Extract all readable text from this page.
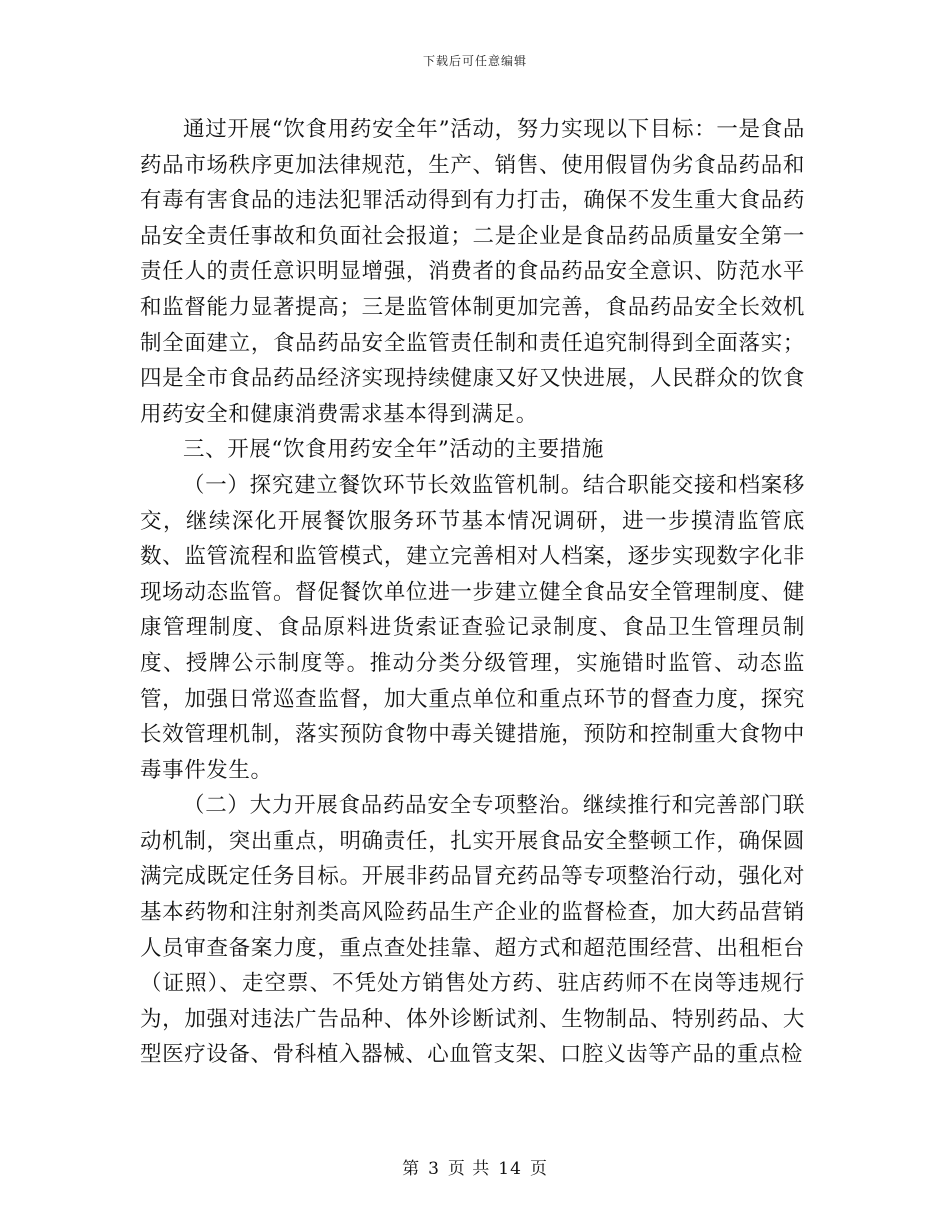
下载后可任意编辑

通过开展“饮食用药安全年”活动，努力实现以下目标：一是食品药品市场秩序更加法律规范，生产、销售、使用假冒伪劣食品药品和有毒有害食品的违法犯罪活动得到有力打击，确保不发生重大食品药品安全责任事故和负面社会报道；二是企业是食品药品质量安全第一责任人的责任意识明显增强，消费者的食品药品安全意识、防范水平和监督能力显著提高；三是监管体制更加完善，食品药品安全长效机制全面建立，食品药品安全监管责任制和责任追究制得到全面落实；四是全市食品药品经济实现持续健康又好又快进展，人民群众的饮食用药安全和健康消费需求基本得到满足。

三、开展“饮食用药安全年”活动的主要措施

（一）探究建立餐饮环节长效监管机制。结合职能交接和档案移交，继续深化开展餐饮服务环节基本情况调研，进一步摸清监管底数、监管流程和监管模式，建立完善相对人档案，逐步实现数字化非现场动态监管。督促餐饮单位进一步建立健全食品安全管理制度、健康管理制度、食品原料进货索证查验记录制度、食品卫生管理员制度、授牌公示制度等。推动分类分级管理，实施错时监管、动态监管，加强日常巡查监督，加大重点单位和重点环节的督查力度，探究长效管理机制，落实预防食物中毒关键措施，预防和控制重大食物中毒事件发生。

（二）大力开展食品药品安全专项整治。继续推行和完善部门联动机制，突出重点，明确责任，扎实开展食品安全整顿工作，确保圆满完成既定任务目标。开展非药品冒充药品等专项整治行动，强化对基本药物和注射剂类高风险药品生产企业的监督检查，加大药品营销人员审查备案力度，重点查处挂靠、超方式和超范围经营、出租柜台（证照）、走空票、不凭处方销售处方药、驻店药师不在岗等违规行为，加强对违法广告品种、体外诊断试剂、生物制品、特别药品、大型医疗设备、骨科植入器械、心血管支架、口腔义齿等产品的重点检

第 3 页 共 14 页
